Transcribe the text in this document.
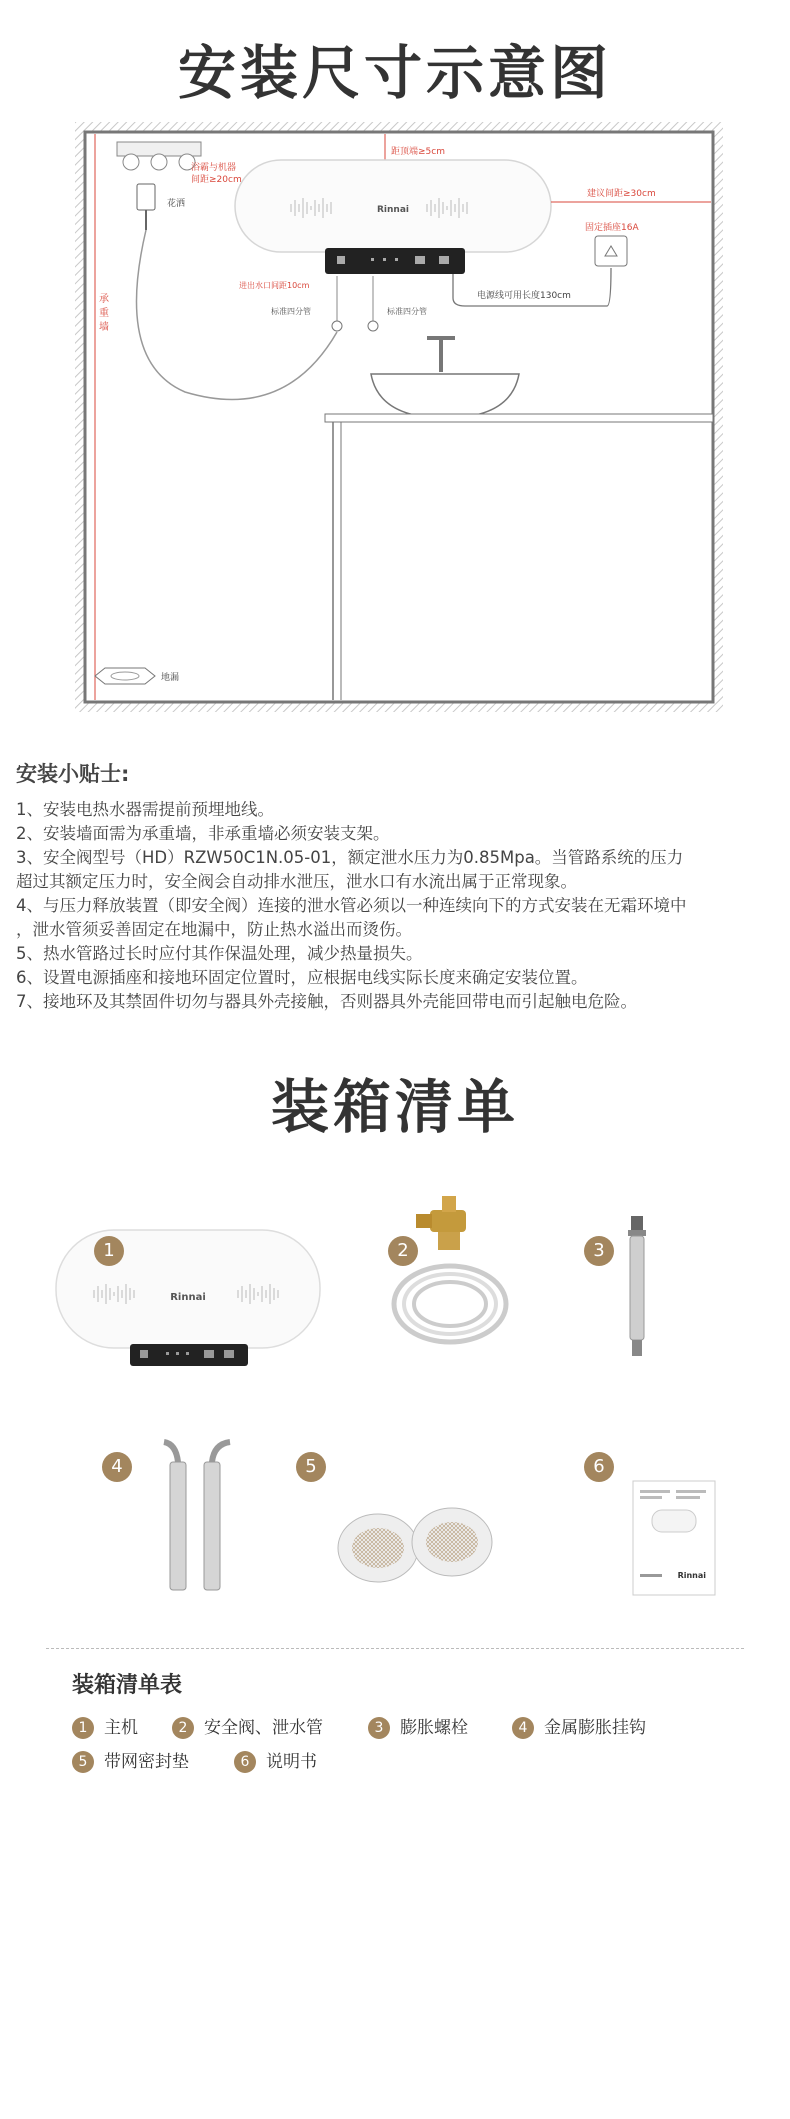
安装尺寸示意图
浴霸与机器
间距≥20cm
距顶端≥5cm
Rinnai
建议间距≥30cm
固定插座16A
电源线可用长度130cm
进出水口间距10cm
标准四分管	标准四分管
花洒
承
重
墙
地漏
安装小贴士:
1、安装电热水器需提前预埋地线。
2、安装墙面需为承重墙，非承重墙必须安装支架。
3、安全阀型号（HD）RZW50C1N.05-01，额定泄水压力为0.85Mpa。当管路系统的压力
超过其额定压力时，安全阀会自动排水泄压，泄水口有水流出属于正常现象。
4、与压力释放装置（即安全阀）连接的泄水管必须以一种连续向下的方式安装在无霜环境中
，泄水管须妥善固定在地漏中，防止热水溢出而烫伤。
5、热水管路过长时应付其作保温处理，减少热量损失。
6、设置电源插座和接地环固定位置时，应根据电线实际长度来确定安装位置。
7、接地环及其禁固件切勿与器具外壳接触，否则器具外壳能回带电而引起触电危险。
装箱清单
Rinnai
Rinnai
1	2	3
4	5	6
装箱清单表
1 主机	2 安全阀、泄水管	3 膨胀螺栓	4 金属膨胀挂钩
5 带网密封垫	6 说明书
